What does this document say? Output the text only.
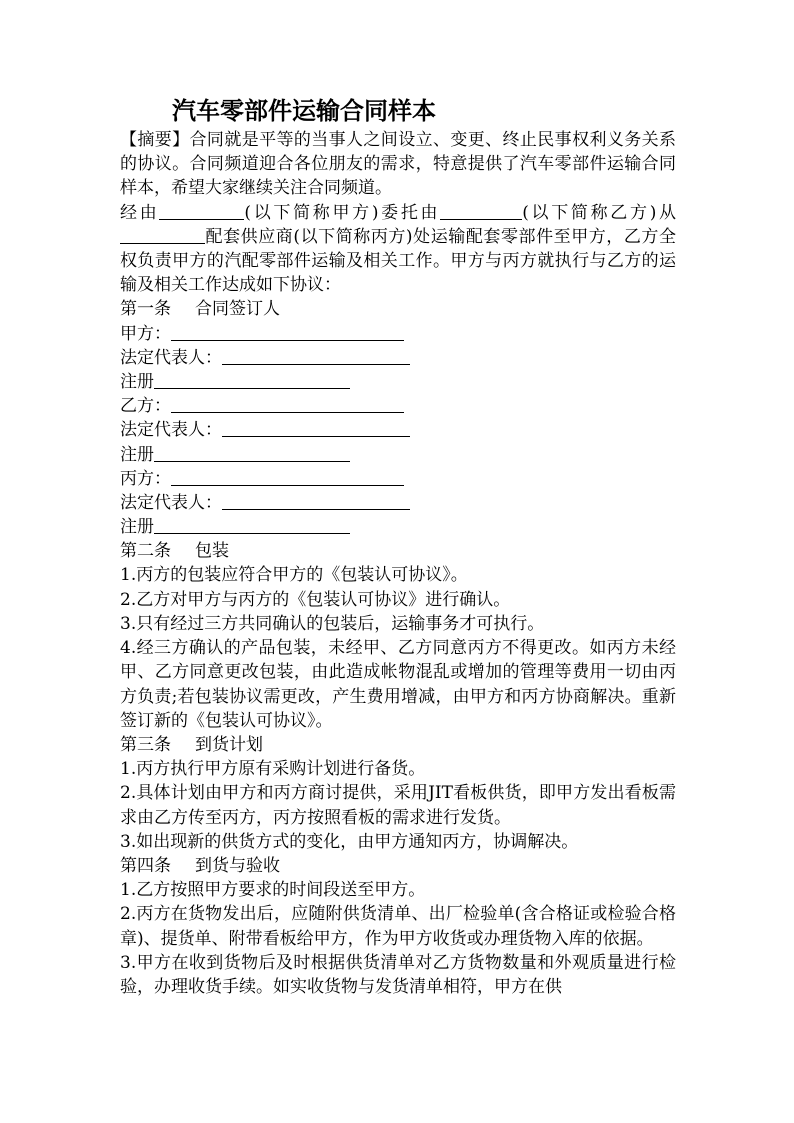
汽车零部件运输合同样本

【摘要】合同就是平等的当事人之间设立、变更、终止民事权利义务关系的协议。合同频道迎合各位朋友的需求，特意提供了汽车零部件运输合同样本，希望大家继续关注合同频道。

经由	(以下简称甲方)委托由	(以下简称乙方)从配套供应商(以下简称丙方)处运输配套零部件至甲方，乙方全权负责甲方的汽配零部件运输及相关工作。甲方与丙方就执行与乙方的运输及相关工作达成如下协议：

第一条 合同签订人
甲方：
法定代表人：
注册
乙方：
法定代表人：
注册
丙方：
法定代表人：
注册
第二条 包装

1.丙方的包装应符合甲方的《包装认可协议》。

2.乙方对甲方与丙方的《包装认可协议》进行确认。

3.只有经过三方共同确认的包装后，运输事务才可执行。

4.经三方确认的产品包装，未经甲、乙方同意丙方不得更改。如丙方未经甲、乙方同意更改包装，由此造成帐物混乱或增加的管理等费用一切由丙方负责;若包装协议需更改，产生费用增减，由甲方和丙方协商解决。重新签订新的《包装认可协议》。

第三条 到货计划

1.丙方执行甲方原有采购计划进行备货。

2.具体计划由甲方和丙方商讨提供，采用JIT看板供货，即甲方发出看板需求由乙方传至丙方，丙方按照看板的需求进行发货。

3.如出现新的供货方式的变化，由甲方通知丙方，协调解决。

第四条 到货与验收

1.乙方按照甲方要求的时间段送至甲方。

2.丙方在货物发出后，应随附供货清单、出厂检验单(含合格证或检验合格章)、提货单、附带看板给甲方，作为甲方收货或办理货物入库的依据。

3.甲方在收到货物后及时根据供货清单对乙方货物数量和外观质量进行检验，办理收货手续。如实收货物与发货清单相符，甲方在供
